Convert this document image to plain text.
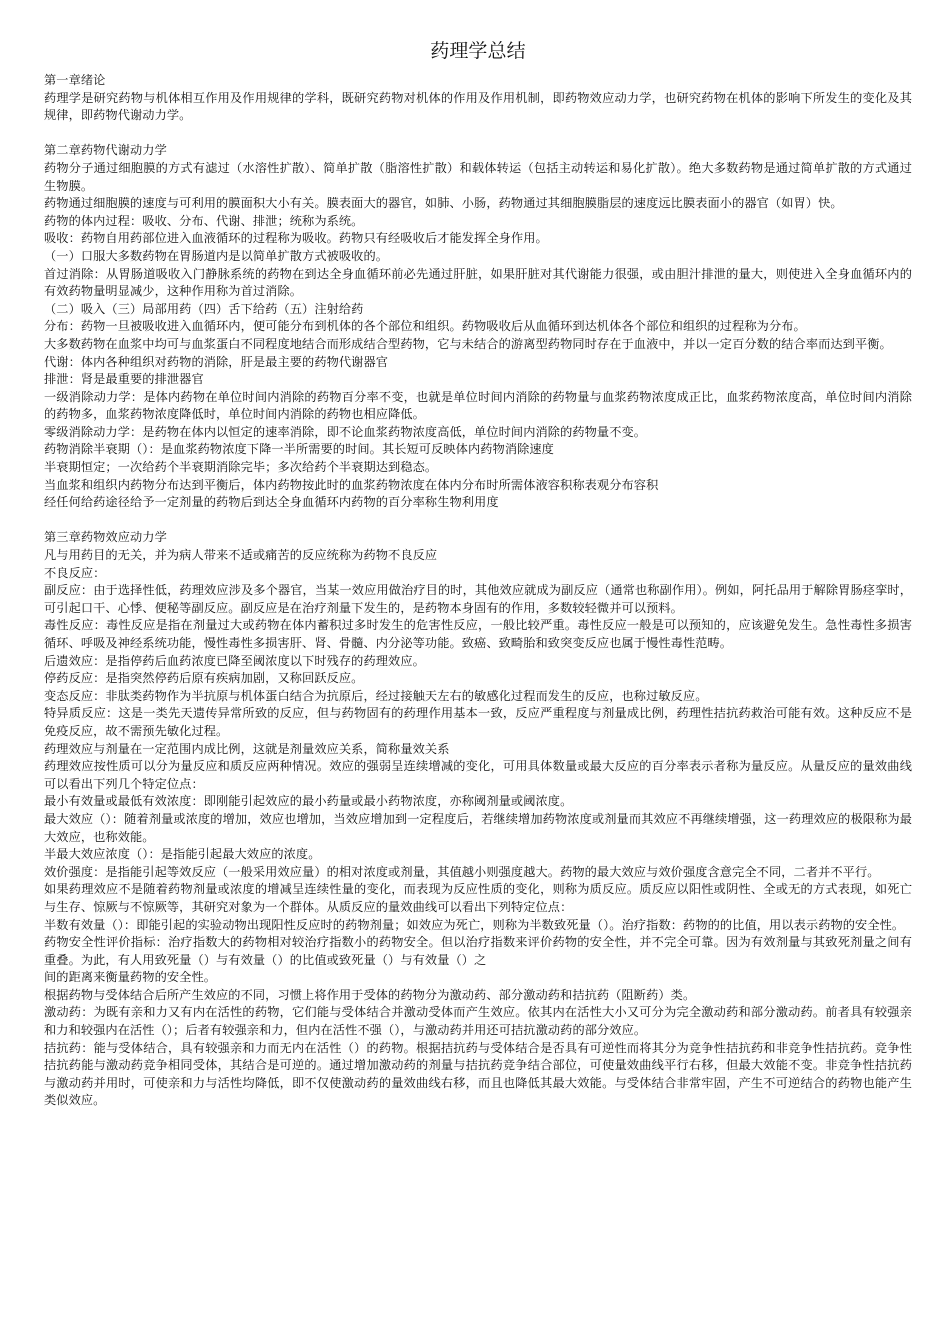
药理学总结

第一章绪论

药理学是研究药物与机体相互作用及作用规律的学科，既研究药物对机体的作用及作用机制，即药物效应动力学，也研究药物在机体的影响下所发生的变化及其规律，即药物代谢动力学。

第二章药物代谢动力学

药物分子通过细胞膜的方式有滤过（水溶性扩散）、简单扩散（脂溶性扩散）和载体转运（包括主动转运和易化扩散）。绝大多数药物是通过简单扩散的方式通过生物膜。

药物通过细胞膜的速度与可利用的膜面积大小有关。膜表面大的器官，如肺、小肠，药物通过其细胞膜脂层的速度远比膜表面小的器官（如胃）快。

药物的体内过程：吸收、分布、代谢、排泄；统称为系统。

吸收：药物自用药部位进入血液循环的过程称为吸收。药物只有经吸收后才能发挥全身作用。

（一）口服大多数药物在胃肠道内是以简单扩散方式被吸收的。

首过消除：从胃肠道吸收入门静脉系统的药物在到达全身血循环前必先通过肝脏，如果肝脏对其代谢能力很强，或由胆汁排泄的量大，则使进入全身血循环内的有效药物量明显减少，这种作用称为首过消除。

（二）吸入（三）局部用药（四）舌下给药（五）注射给药

分布：药物一旦被吸收进入血循环内，便可能分布到机体的各个部位和组织。药物吸收后从血循环到达机体各个部位和组织的过程称为分布。

大多数药物在血浆中均可与血浆蛋白不同程度地结合而形成结合型药物，它与未结合的游离型药物同时存在于血液中，并以一定百分数的结合率而达到平衡。

代谢：体内各种组织对药物的消除，肝是最主要的药物代谢器官

排泄：肾是最重要的排泄器官

一级消除动力学：是体内药物在单位时间内消除的药物百分率不变，也就是单位时间内消除的药物量与血浆药物浓度成正比，血浆药物浓度高，单位时间内消除的药物多，血浆药物浓度降低时，单位时间内消除的药物也相应降低。

零级消除动力学：是药物在体内以恒定的速率消除，即不论血浆药物浓度高低，单位时间内消除的药物量不变。

药物消除半衰期（）：是血浆药物浓度下降一半所需要的时间。其长短可反映体内药物消除速度

半衰期恒定；一次给药个半衰期消除完毕；多次给药个半衰期达到稳态。

当血浆和组织内药物分布达到平衡后，体内药物按此时的血浆药物浓度在体内分布时所需体液容积称表观分布容积

经任何给药途径给予一定剂量的药物后到达全身血循环内药物的百分率称生物利用度

第三章药物效应动力学

凡与用药目的无关，并为病人带来不适或痛苦的反应统称为药物不良反应

不良反应：

副反应：由于选择性低，药理效应涉及多个器官，当某一效应用做治疗目的时，其他效应就成为副反应（通常也称副作用）。例如，阿托品用于解除胃肠痉挛时，可引起口干、心悸、便秘等副反应。副反应是在治疗剂量下发生的，是药物本身固有的作用，多数较轻微并可以预料。

毒性反应：毒性反应是指在剂量过大或药物在体内蓄积过多时发生的危害性反应，一般比较严重。毒性反应一般是可以预知的，应该避免发生。急性毒性多损害循环、呼吸及神经系统功能，慢性毒性多损害肝、肾、骨髓、内分泌等功能。致癌、致畸胎和致突变反应也属于慢性毒性范畴。

后遗效应：是指停药后血药浓度已降至阈浓度以下时残存的药理效应。

停药反应：是指突然停药后原有疾病加剧，又称回跃反应。

变态反应：非肽类药物作为半抗原与机体蛋白结合为抗原后，经过接触天左右的敏感化过程而发生的反应，也称过敏反应。

特异质反应：这是一类先天遗传异常所致的反应，但与药物固有的药理作用基本一致，反应严重程度与剂量成比例，药理性拮抗药救治可能有效。这种反应不是免疫反应，故不需预先敏化过程。

药理效应与剂量在一定范围内成比例，这就是剂量效应关系，简称量效关系

药理效应按性质可以分为量反应和质反应两种情况。效应的强弱呈连续增减的变化，可用具体数量或最大反应的百分率表示者称为量反应。从量反应的量效曲线可以看出下列几个特定位点：

最小有效量或最低有效浓度：即刚能引起效应的最小药量或最小药物浓度，亦称阈剂量或阈浓度。

最大效应（）：随着剂量或浓度的增加，效应也增加，当效应增加到一定程度后，若继续增加药物浓度或剂量而其效应不再继续增强，这一药理效应的极限称为最大效应，也称效能。

半最大效应浓度（）：是指能引起最大效应的浓度。

效价强度：是指能引起等效反应（一般采用效应量）的相对浓度或剂量，其值越小则强度越大。药物的最大效应与效价强度含意完全不同，二者并不平行。

如果药理效应不是随着药物剂量或浓度的增减呈连续性量的变化，而表现为反应性质的变化，则称为质反应。质反应以阳性或阴性、全或无的方式表现，如死亡与生存、惊厥与不惊厥等，其研究对象为一个群体。从质反应的量效曲线可以看出下列特定位点：

半数有效量（）：即能引起的实验动物出现阳性反应时的药物剂量；如效应为死亡，则称为半数致死量（）。治疗指数：药物的的比值，用以表示药物的安全性。

药物安全性评价指标：治疗指数大的药物相对较治疗指数小的药物安全。但以治疗指数来评价药物的安全性，并不完全可靠。因为有效剂量与其致死剂量之间有重叠。为此，有人用致死量（）与有效量（）的比值或致死量（）与有效量（）之

间的距离来衡量药物的安全性。

根据药物与受体结合后所产生效应的不同，习惯上将作用于受体的药物分为激动药、部分激动药和拮抗药（阻断药）类。

激动药：为既有亲和力又有内在活性的药物，它们能与受体结合并激动受体而产生效应。依其内在活性大小又可分为完全激动药和部分激动药。前者具有较强亲和力和较强内在活性（）；后者有较强亲和力，但内在活性不强（），与激动药并用还可拮抗激动药的部分效应。

拮抗药：能与受体结合，具有较强亲和力而无内在活性（）的药物。根据拮抗药与受体结合是否具有可逆性而将其分为竞争性拮抗药和非竞争性拮抗药。竞争性拮抗药能与激动药竞争相同受体，其结合是可逆的。通过增加激动药的剂量与拮抗药竞争结合部位，可使量效曲线平行右移，但最大效能不变。非竞争性拮抗药与激动药并用时，可使亲和力与活性均降低，即不仅使激动药的量效曲线右移，而且也降低其最大效能。与受体结合非常牢固，产生不可逆结合的药物也能产生类似效应。
